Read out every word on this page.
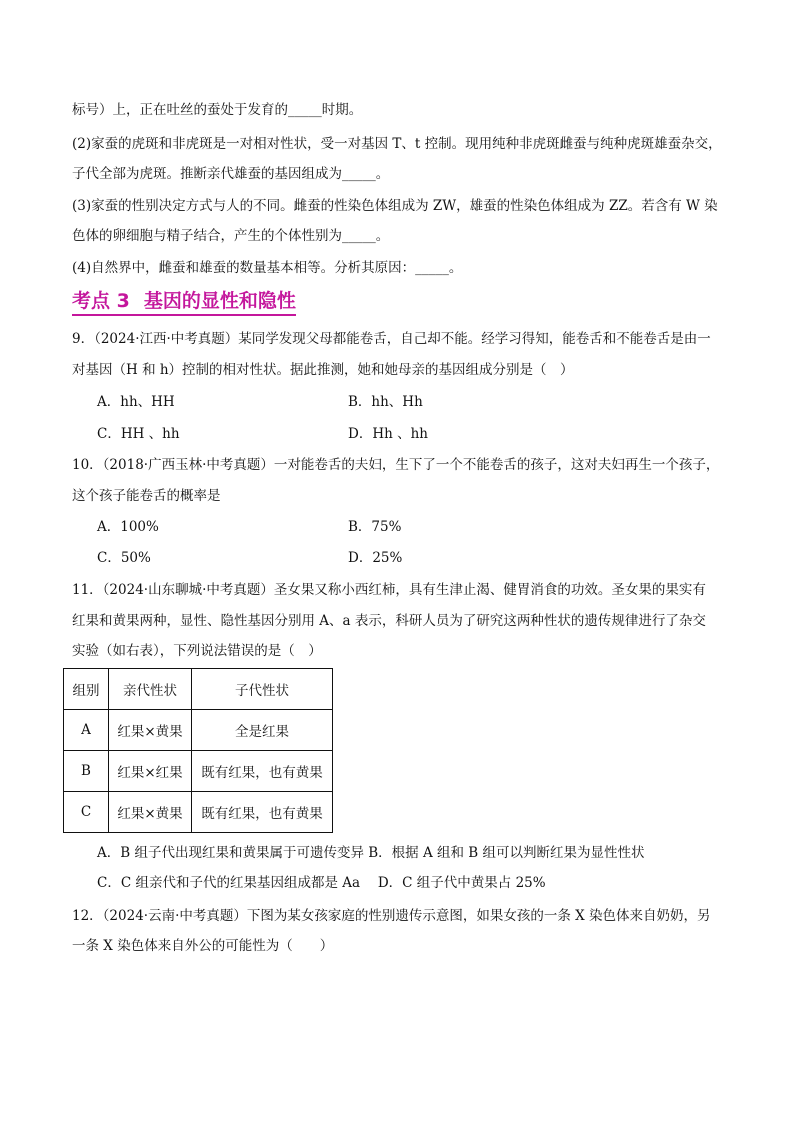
标号）上，正在吐丝的蚕处于发育的_____时期。
(2)家蚕的虎斑和非虎斑是一对相对性状，受一对基因 T、t 控制。现用纯种非虎斑雌蚕与纯种虎斑雄蚕杂交，
子代全部为虎斑。推断亲代雄蚕的基因组成为_____。
(3)家蚕的性别决定方式与人的不同。雌蚕的性染色体组成为 ZW，雄蚕的性染色体组成为 ZZ。若含有 W 染
色体的卵细胞与精子结合，产生的个体性别为_____。
(4)自然界中，雌蚕和雄蚕的数量基本相等。分析其原因：_____。
考点 3 基因的显性和隐性
9．（2024·江西·中考真题）某同学发现父母都能卷舌，自己却不能。经学习得知，能卷舌和不能卷舌是由一
对基因（H 和 h）控制的相对性状。据此推测，她和她母亲的基因组成分别是（　）
A．hh、HH	B．hh、Hh
C．HH 、hh	D．Hh 、hh
10．（2018·广西玉林·中考真题）一对能卷舌的夫妇，生下了一个不能卷舌的孩子，这对夫妇再生一个孩子，
这个孩子能卷舌的概率是
A．100%	B．75%
C．50%	D．25%
11．（2024·山东聊城·中考真题）圣女果又称小西红柿，具有生津止渴、健胃消食的功效。圣女果的果实有
红果和黄果两种，显性、隐性基因分别用 A、a 表示，科研人员为了研究这两种性状的遗传规律进行了杂交
实验（如右表），下列说法错误的是（　）
组别	亲代性状	子代性状
A	红果×黄果	全是红果
B	红果×红果	既有红果，也有黄果
C	红果×黄果	既有红果，也有黄果
A．B 组子代出现红果和黄果属于可遗传变异 B．根据 A 组和 B 组可以判断红果为显性性状
C．C 组亲代和子代的红果基因组成都是 Aa　 D．C 组子代中黄果占 25%
12．（2024·云南·中考真题）下图为某女孩家庭的性别遗传示意图，如果女孩的一条 X 染色体来自奶奶，另
一条 X 染色体来自外公的可能性为（　　）
